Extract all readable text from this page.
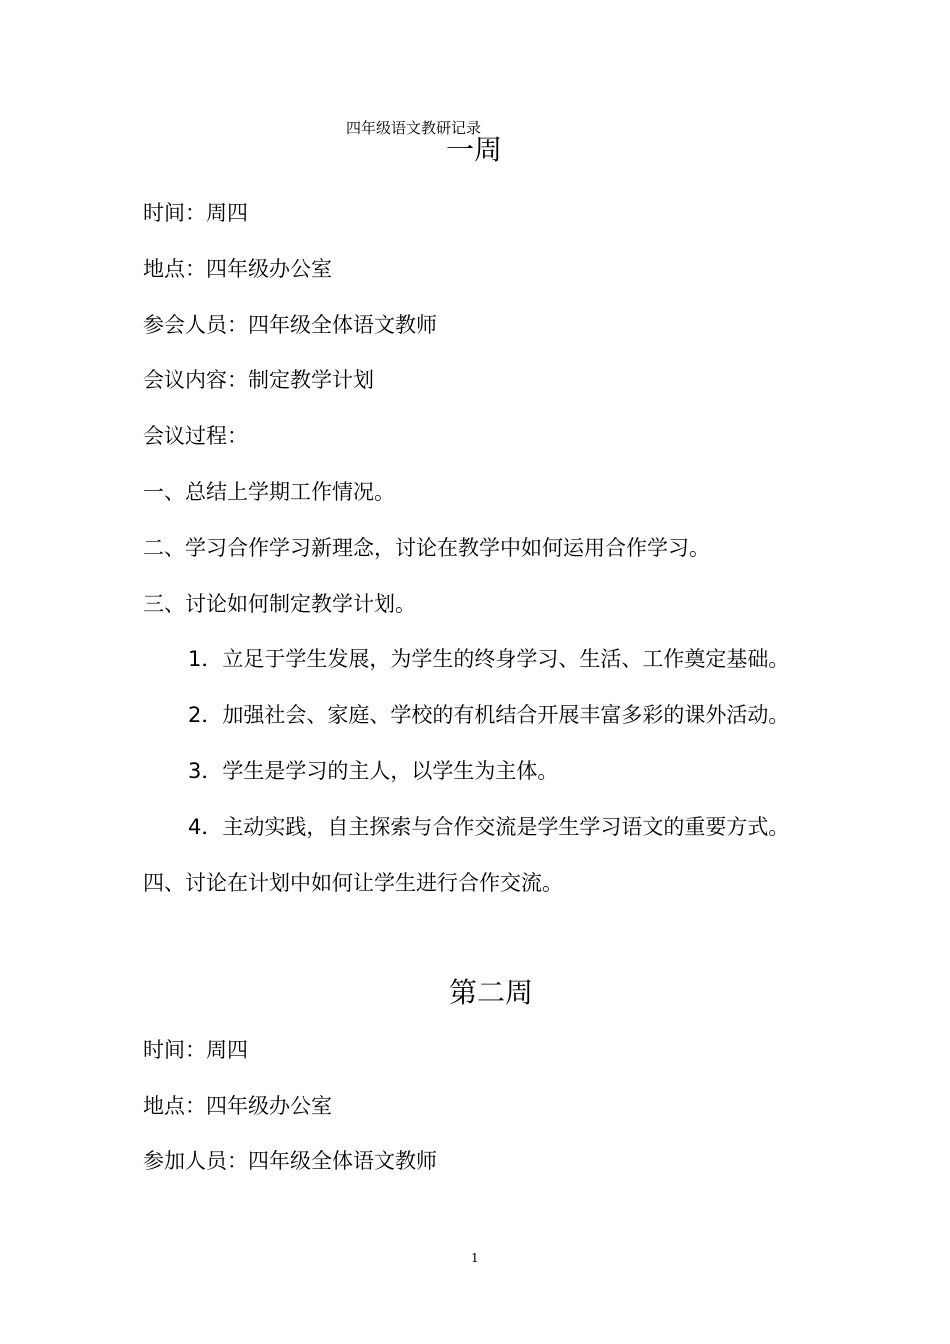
四年级语文教研记录
一周
时间：周四
地点：四年级办公室
参会人员：四年级全体语文教师
会议内容：制定教学计划
会议过程：
一、总结上学期工作情况。
二、学习合作学习新理念，讨论在教学中如何运用合作学习。
三、讨论如何制定教学计划。
1．立足于学生发展，为学生的终身学习、生活、工作奠定基础。
2．加强社会、家庭、学校的有机结合开展丰富多彩的课外活动。
3．学生是学习的主人，以学生为主体。
4．主动实践，自主探索与合作交流是学生学习语文的重要方式。
四、讨论在计划中如何让学生进行合作交流。
第二周
时间：周四
地点：四年级办公室
参加人员：四年级全体语文教师
1
